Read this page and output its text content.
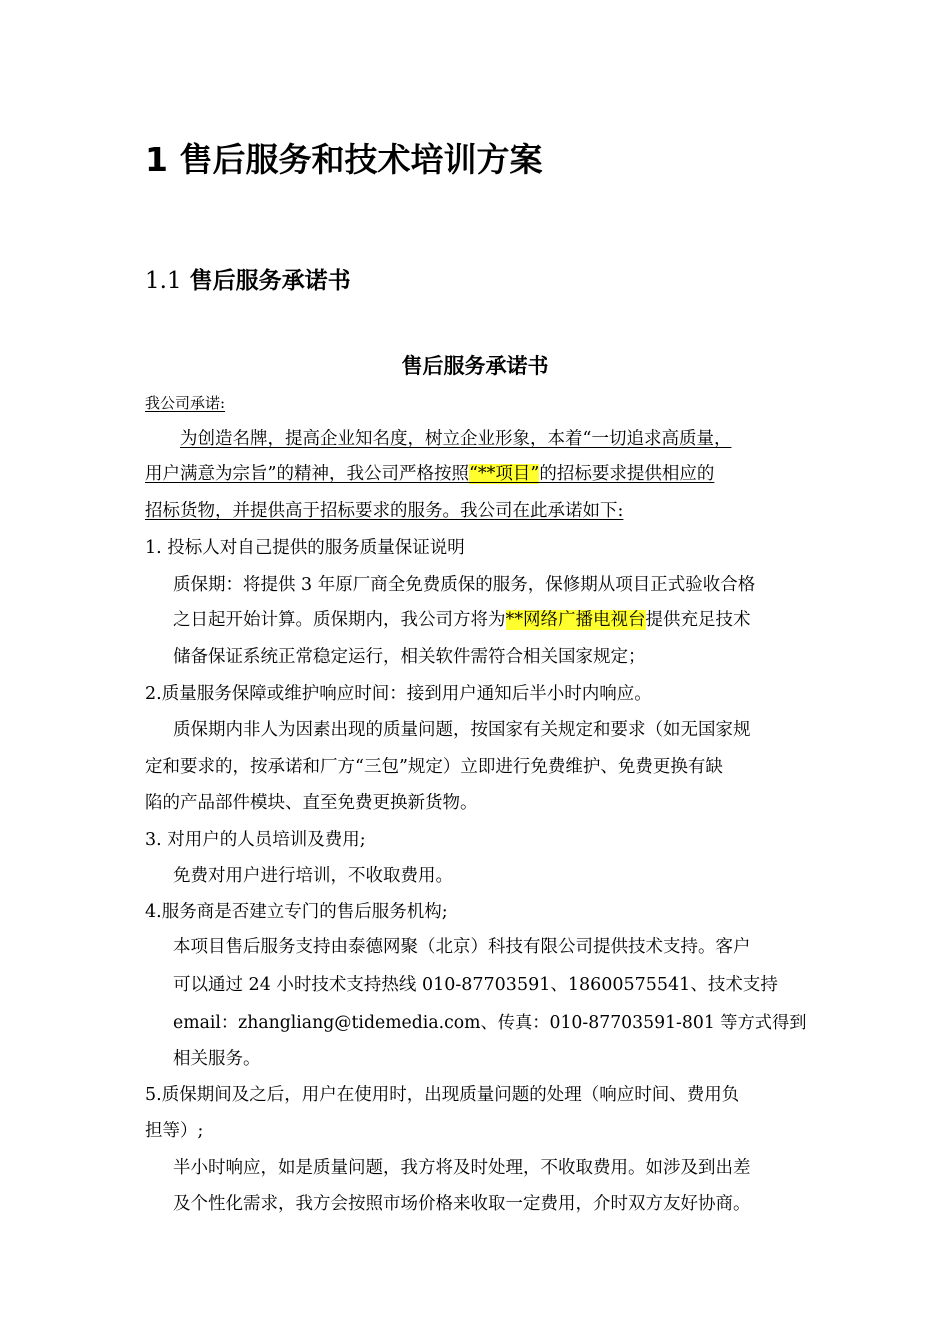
1 售后服务和技术培训方案
1.1 售后服务承诺书
售后服务承诺书
我公司承诺:
为创造名牌，提高企业知名度，树立企业形象，本着“一切追求高质量，
用户满意为宗旨”的精神，我公司严格按照“**项目”的招标要求提供相应的
招标货物，并提供高于招标要求的服务。我公司在此承诺如下:
1. 投标人对自己提供的服务质量保证说明
质保期：将提供 3 年原厂商全免费质保的服务，保修期从项目正式验收合格
之日起开始计算。质保期内，我公司方将为**网络广播电视台提供充足技术
储备保证系统正常稳定运行，相关软件需符合相关国家规定；
2.质量服务保障或维护响应时间：接到用户通知后半小时内响应。
质保期内非人为因素出现的质量问题，按国家有关规定和要求（如无国家规
定和要求的，按承诺和厂方“三包”规定）立即进行免费维护、免费更换有缺
陷的产品部件模块、直至免费更换新货物。
3. 对用户的人员培训及费用;
免费对用户进行培训，不收取费用。
4.服务商是否建立专门的售后服务机构;
本项目售后服务支持由泰德网聚（北京）科技有限公司提供技术支持。客户
可以通过 24 小时技术支持热线 010-87703591、18600575541、技术支持
email：zhangliang@tidemedia.com、传真：010-87703591-801 等方式得到
相关服务。
5.质保期间及之后，用户在使用时，出现质量问题的处理（响应时间、费用负
担等）;
半小时响应，如是质量问题，我方将及时处理，不收取费用。如涉及到出差
及个性化需求，我方会按照市场价格来收取一定费用，介时双方友好协商。
